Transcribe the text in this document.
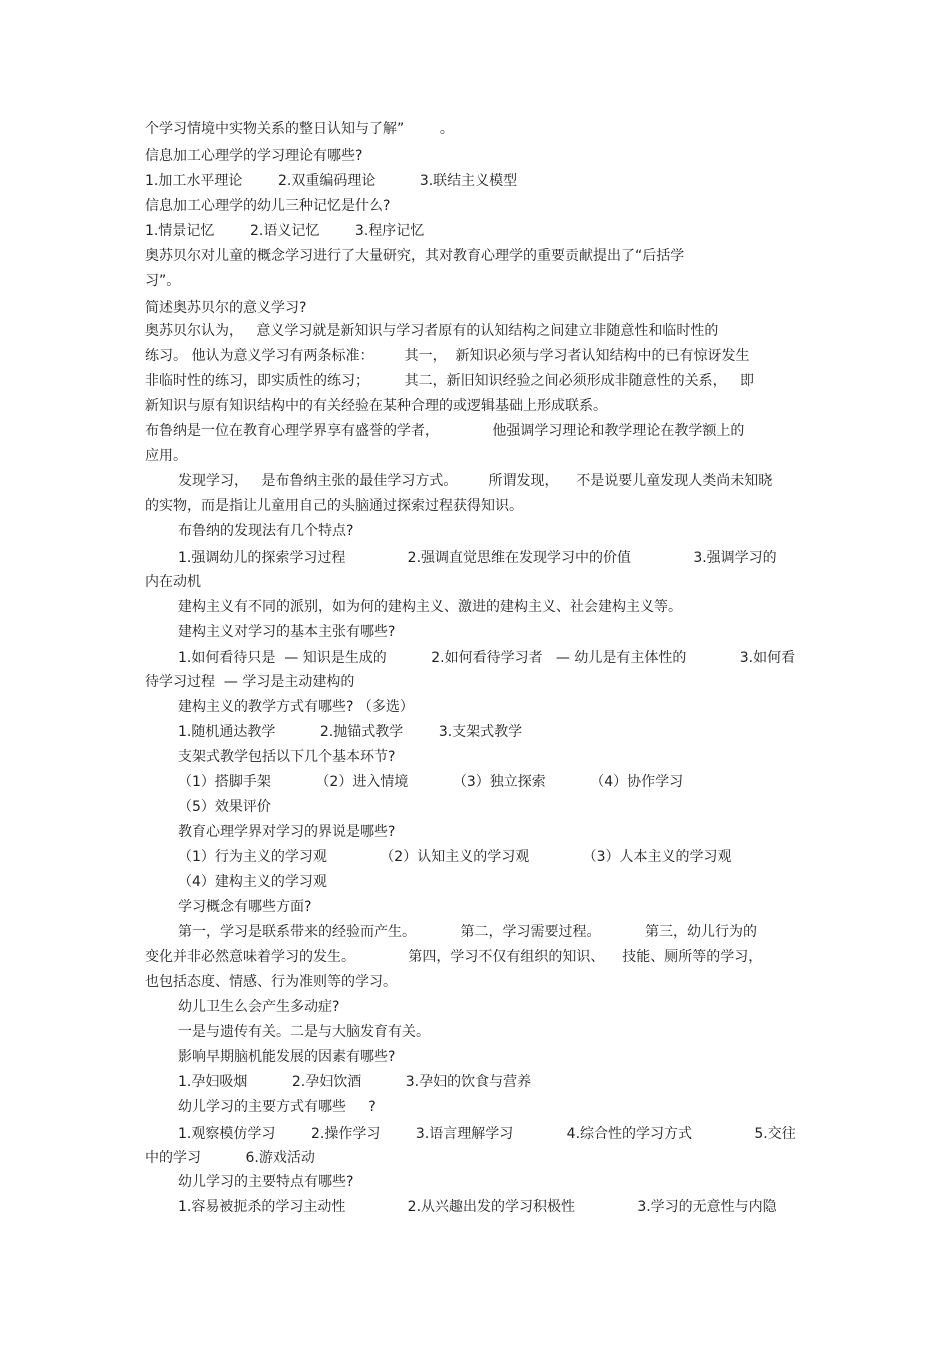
个学习情境中实物关系的整日认知与了解”        。
信息加工心理学的学习理论有哪些?
1.加工水平理论        2.双重编码理论          3.联结主义模型
信息加工心理学的幼儿三种记忆是什么?
1.情景记忆        2.语义记忆        3.程序记忆
奥苏贝尔对儿童的概念学习进行了大量研究，其对教育心理学的重要贡献提出了“后括学
习”。
简述奥苏贝尔的意义学习?
奥苏贝尔认为，   意义学习就是新知识与学习者原有的认知结构之间建立非随意性和临时性的
练习。 他认为意义学习有两条标准：       其一，  新知识必须与学习者认知结构中的已有惊讶发生
非临时性的练习，即实质性的练习；        其二，新旧知识经验之间必须形成非随意性的关系，   即
新知识与原有知识结构中的有关经验在某种合理的或逻辑基础上形成联系。
布鲁纳是一位在教育心理学界享有盛誉的学者，            他强调学习理论和教学理论在教学额上的
应用。
发现学习，   是布鲁纳主张的最佳学习方式。       所谓发现，    不是说要儿童发现人类尚未知晓
的实物，而是指让儿童用自己的头脑通过探索过程获得知识。
布鲁纳的发现法有几个特点?
1.强调幼儿的探索学习过程              2.强调直觉思维在发现学习中的价值              3.强调学习的
内在动机
建构主义有不同的派别，如为何的建构主义、激进的建构主义、社会建构主义等。
建构主义对学习的基本主张有哪些?
1.如何看待只是  — 知识是生成的          2.如何看待学习者   — 幼儿是有主体性的            3.如何看
待学习过程  — 学习是主动建构的
建构主义的教学方式有哪些? （多选）
1.随机通达教学          2.抛锚式教学        3.支架式教学
支架式教学包括以下几个基本环节?
（1）搭脚手架          （2）进入情境          （3）独立探索          （4）协作学习
（5）效果评价
教育心理学界对学习的界说是哪些?
（1）行为主义的学习观            （2）认知主义的学习观            （3）人本主义的学习观
（4）建构主义的学习观
学习概念有哪些方面?
第一，学习是联系带来的经验而产生。          第二，学习需要过程。          第三，幼儿行为的
变化并非必然意味着学习的发生。            第四，学习不仅有组织的知识、    技能、厕所等的学习，
也包括态度、情感、行为准则等的学习。
幼儿卫生么会产生多动症?
一是与遗传有关。二是与大脑发育有关。
影响早期脑机能发展的因素有哪些?
1.孕妇吸烟          2.孕妇饮酒          3.孕妇的饮食与营养
幼儿学习的主要方式有哪些     ?
1.观察模仿学习        2.操作学习        3.语言理解学习            4.综合性的学习方式              5.交往
中的学习          6.游戏活动
幼儿学习的主要特点有哪些?
1.容易被扼杀的学习主动性              2.从兴趣出发的学习积极性              3.学习的无意性与内隐
